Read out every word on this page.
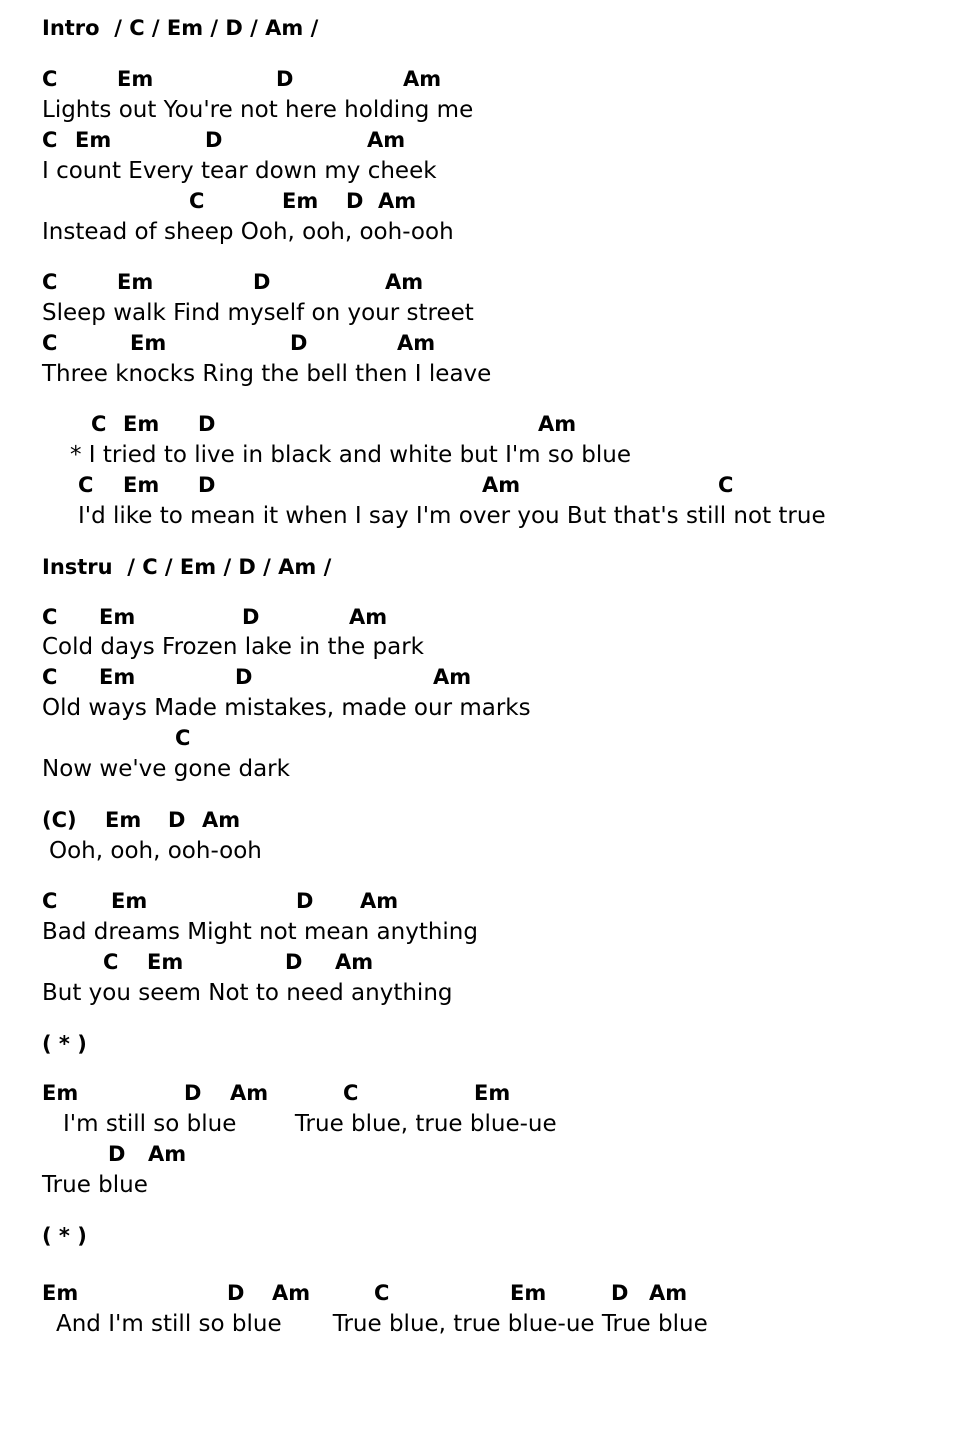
Intro  / C / Em / D / Am /

C

	Em

	D

	Am

Lights out You're not here holding me

C

Em

	D

	Am

I count Every tear down my cheek

C

	Em

D

Am

Instead of sheep Ooh, ooh, ooh-ooh

C

	Em

	D

	Am

Sleep walk Find myself on your street

C

	Em

	D

	Am

Three knocks Ring the bell then I leave

C

Em

D

	Am

* I tried to live in black and white but I'm so blue

C

Em

D

	Am

	C

I'd like to mean it when I say I'm over you But that's still not true
Instru  / C / Em / D / Am /

C

Em

	D

	Am

Cold days Frozen lake in the park

C

Em

	D

	Am

Old ways Made mistakes, made our marks

C

Now we've gone dark

(C)

Em

D

Am

Ooh, ooh, ooh-ooh

C

	Em

	D

Am

Bad dreams Might not mean anything

C

Em

	D

Am

But you seem Not to need anything
( * )

Em

	D

Am

	C

	Em

I'm still so blue        True blue, true blue-ue

D

Am

True blue
( * )

Em

	D

Am

	C

	Em

	D

Am

And I'm still so blue       True blue, true blue-ue True blue
